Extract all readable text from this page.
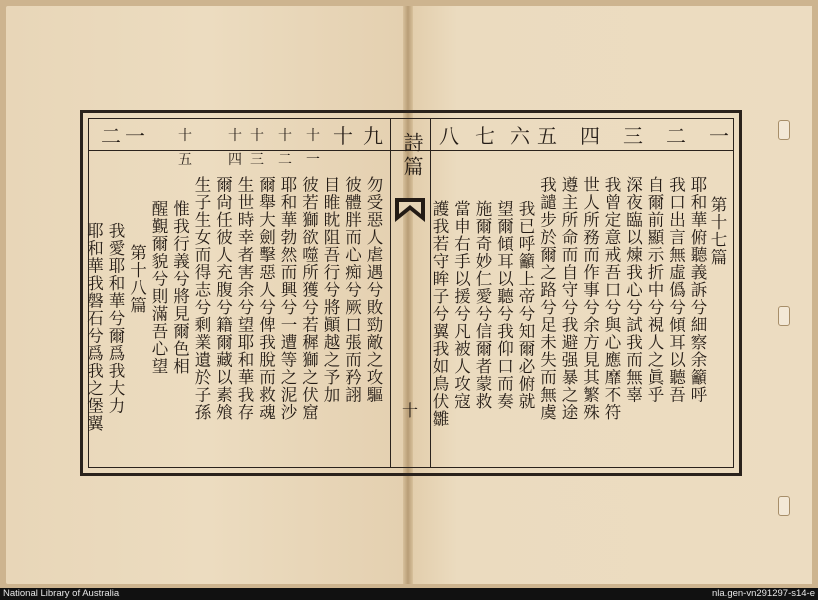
一
二
三
四
五
六
七
八
九
十
十一
十二
十三
十四
十五
一
二	詩篇
十
第十七篇
耶和華俯聽義訴兮細察余籲呼
我口出言無虛僞兮傾耳以聽吾
自爾前顯示折中兮視人之眞乎
深夜臨以煉我心兮試我而無辜
我曾定意戒吾口兮與心應靡不符
世人所務而作事兮余方見其繁殊
遵主所命而自守兮我避强暴之途
我譴步於爾之路兮足未失而無虞
我已呼籲上帝兮知爾必俯就
望爾傾耳以聽兮我仰口而奏
施爾奇妙仁愛兮信爾者蒙救
當申右手以援兮凡被人攻寇
護我若守眸子兮翼我如鳥伏雛
勿受惡人虐遇兮敗勁敵之攻驅
彼體胖而心痴兮厥口張而矜詡
目睢眈阻吾行兮將顚越之予加
彼若獅欲噬所獲兮若穉獅之伏窟
耶和華勃然而興兮一遭等之泥沙
爾舉大劍擊惡人兮俾我脫而救魂
生世時幸者害余兮望耶和華我存
爾尙任彼人充腹兮籍爾藏以素飧
生子生女而得志兮剩業遺於子孫
惟我行義兮將見爾色相
醒覲爾貌兮則滿吾心望
第十八篇
我愛耶和華兮爾爲我大力
耶和華我磐石兮爲我之堡翼
National Library of Australia	nla.gen-vn291297-s14-e
